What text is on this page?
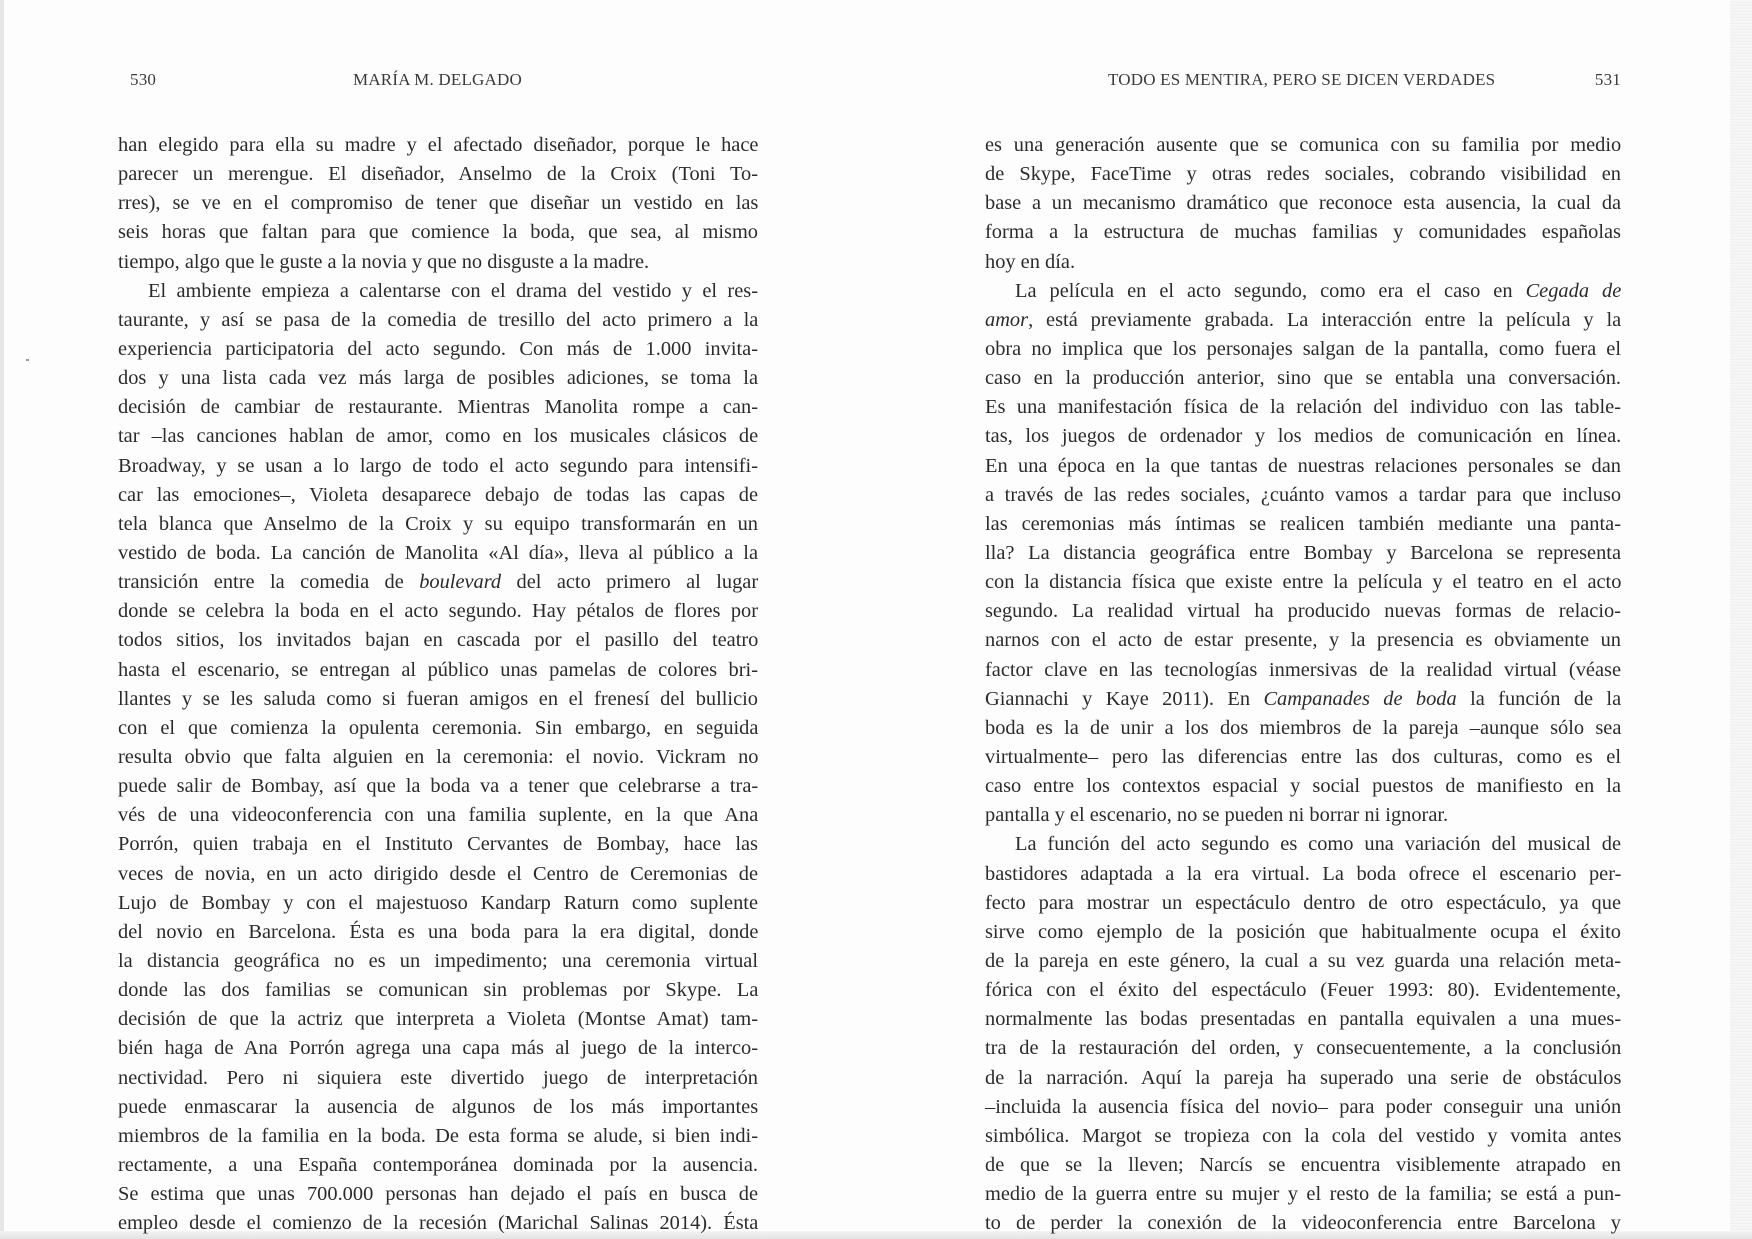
530	MARÍA M. DELGADO
han elegido para ella su madre y el afectado diseñador, porque le hace
parecer un merengue. El diseñador, Anselmo de la Croix (Toni To-
rres), se ve en el compromiso de tener que diseñar un vestido en las
seis horas que faltan para que comience la boda, que sea, al mismo
tiempo, algo que le guste a la novia y que no disguste a la madre.
El ambiente empieza a calentarse con el drama del vestido y el res-
taurante, y así se pasa de la comedia de tresillo del acto primero a la
experiencia participatoria del acto segundo. Con más de 1.000 invita-
dos y una lista cada vez más larga de posibles adiciones, se toma la
decisión de cambiar de restaurante. Mientras Manolita rompe a can-
tar –las canciones hablan de amor, como en los musicales clásicos de
Broadway, y se usan a lo largo de todo el acto segundo para intensifi-
car las emociones–, Violeta desaparece debajo de todas las capas de
tela blanca que Anselmo de la Croix y su equipo transformarán en un
vestido de boda. La canción de Manolita «Al día», lleva al público a la
transición entre la comedia de boulevard del acto primero al lugar
donde se celebra la boda en el acto segundo. Hay pétalos de flores por
todos sitios, los invitados bajan en cascada por el pasillo del teatro
hasta el escenario, se entregan al público unas pamelas de colores bri-
llantes y se les saluda como si fueran amigos en el frenesí del bullicio
con el que comienza la opulenta ceremonia. Sin embargo, en seguida
resulta obvio que falta alguien en la ceremonia: el novio. Vickram no
puede salir de Bombay, así que la boda va a tener que celebrarse a tra-
vés de una videoconferencia con una familia suplente, en la que Ana
Porrón, quien trabaja en el Instituto Cervantes de Bombay, hace las
veces de novia, en un acto dirigido desde el Centro de Ceremonias de
Lujo de Bombay y con el majestuoso Kandarp Raturn como suplente
del novio en Barcelona. Ésta es una boda para la era digital, donde
la distancia geográfica no es un impedimento; una ceremonia virtual
donde las dos familias se comunican sin problemas por Skype. La
decisión de que la actriz que interpreta a Violeta (Montse Amat) tam-
bién haga de Ana Porrón agrega una capa más al juego de la interco-
nectividad. Pero ni siquiera este divertido juego de interpretación
puede enmascarar la ausencia de algunos de los más importantes
miembros de la familia en la boda. De esta forma se alude, si bien indi-
rectamente, a una España contemporánea dominada por la ausencia.
Se estima que unas 700.000 personas han dejado el país en busca de
empleo desde el comienzo de la recesión (Marichal Salinas 2014). Ésta
TODO ES MENTIRA, PERO SE DICEN VERDADES	531
es una generación ausente que se comunica con su familia por medio
de Skype, FaceTime y otras redes sociales, cobrando visibilidad en
base a un mecanismo dramático que reconoce esta ausencia, la cual da
forma a la estructura de muchas familias y comunidades españolas
hoy en día.
La película en el acto segundo, como era el caso en Cegada de
amor, está previamente grabada. La interacción entre la película y la
obra no implica que los personajes salgan de la pantalla, como fuera el
caso en la producción anterior, sino que se entabla una conversación.
Es una manifestación física de la relación del individuo con las table-
tas, los juegos de ordenador y los medios de comunicación en línea.
En una época en la que tantas de nuestras relaciones personales se dan
a través de las redes sociales, ¿cuánto vamos a tardar para que incluso
las ceremonias más íntimas se realicen también mediante una panta-
lla? La distancia geográfica entre Bombay y Barcelona se representa
con la distancia física que existe entre la película y el teatro en el acto
segundo. La realidad virtual ha producido nuevas formas de relacio-
narnos con el acto de estar presente, y la presencia es obviamente un
factor clave en las tecnologías inmersivas de la realidad virtual (véase
Giannachi y Kaye 2011). En Campanades de boda la función de la
boda es la de unir a los dos miembros de la pareja –aunque sólo sea
virtualmente– pero las diferencias entre las dos culturas, como es el
caso entre los contextos espacial y social puestos de manifiesto en la
pantalla y el escenario, no se pueden ni borrar ni ignorar.
La función del acto segundo es como una variación del musical de
bastidores adaptada a la era virtual. La boda ofrece el escenario per-
fecto para mostrar un espectáculo dentro de otro espectáculo, ya que
sirve como ejemplo de la posición que habitualmente ocupa el éxito
de la pareja en este género, la cual a su vez guarda una relación meta-
fórica con el éxito del espectáculo (Feuer 1993: 80). Evidentemente,
normalmente las bodas presentadas en pantalla equivalen a una mues-
tra de la restauración del orden, y consecuentemente, a la conclusión
de la narración. Aquí la pareja ha superado una serie de obstáculos
–incluida la ausencia física del novio– para poder conseguir una unión
simbólica. Margot se tropieza con la cola del vestido y vomita antes
de que se la lleven; Narcís se encuentra visiblemente atrapado en
medio de la guerra entre su mujer y el resto de la familia; se está a pun-
to de perder la conexión de la videoconferencia entre Barcelona y
